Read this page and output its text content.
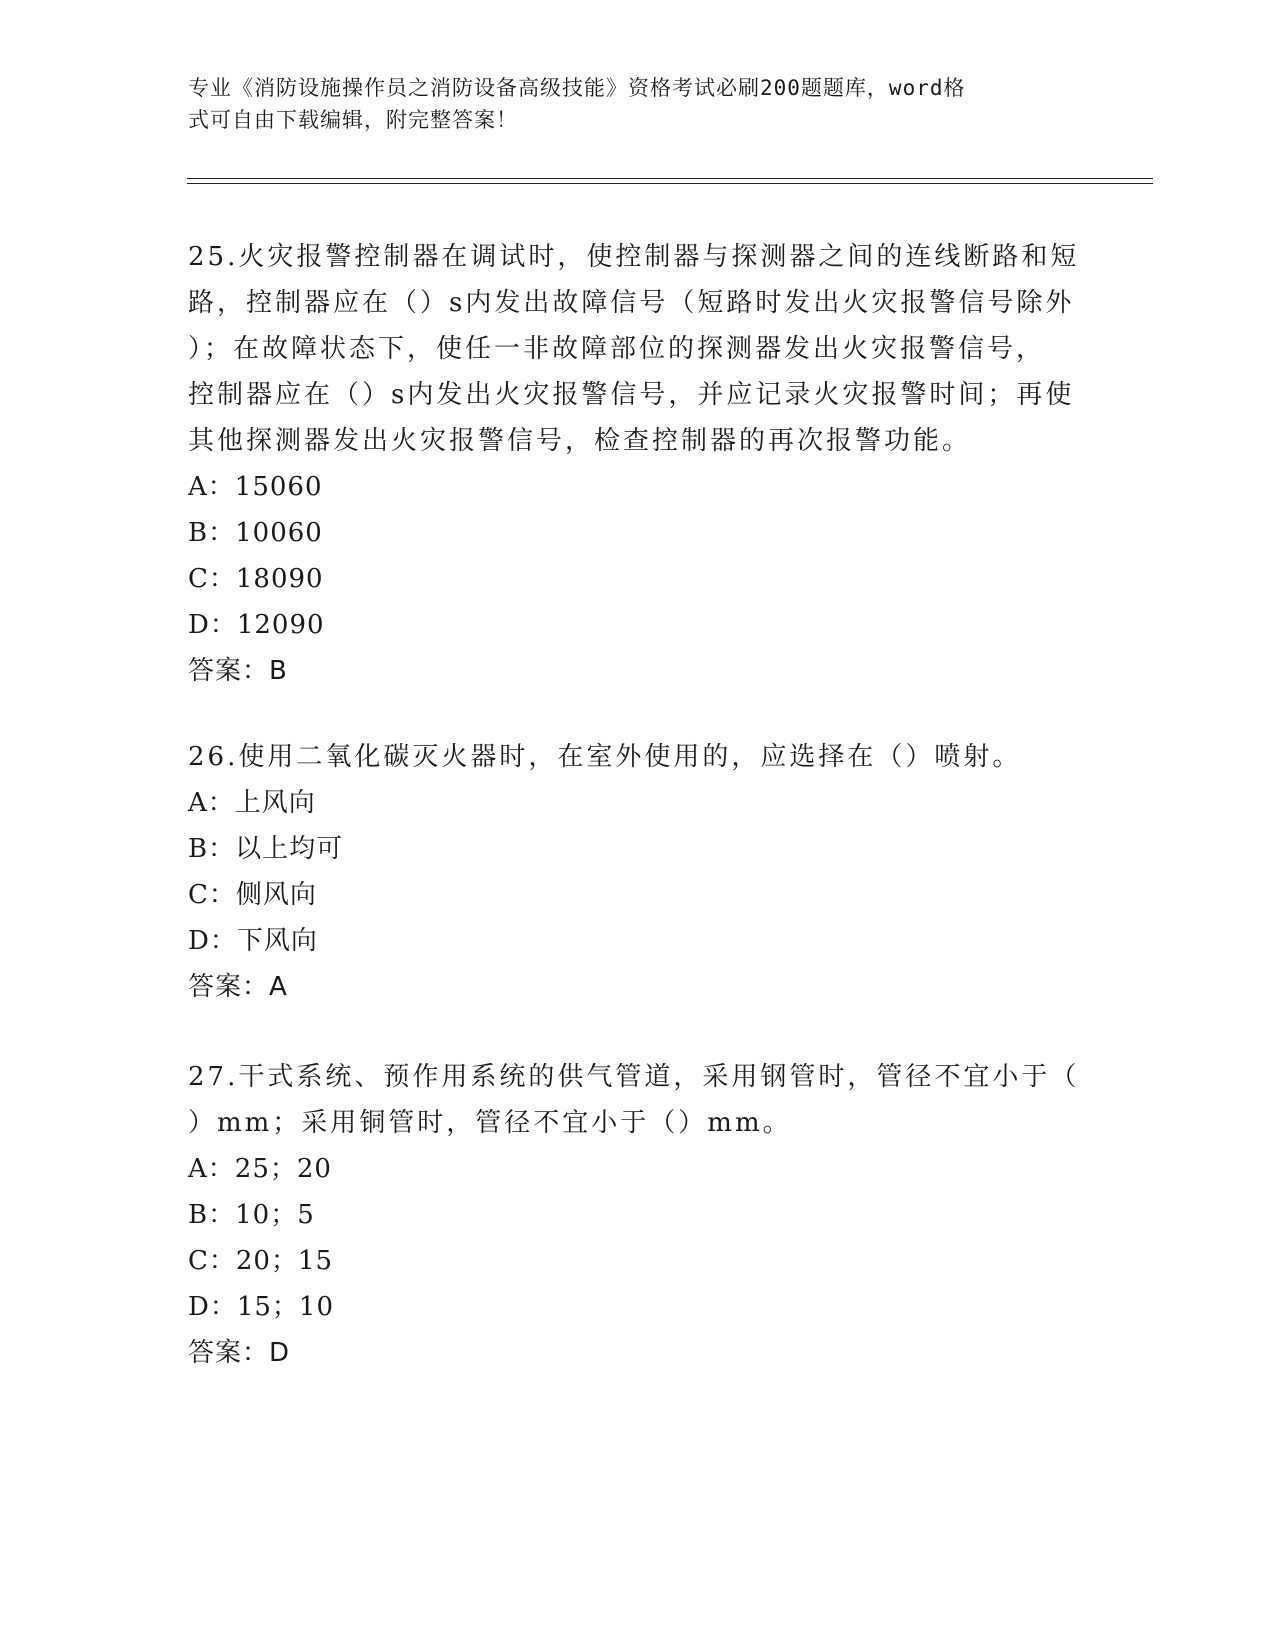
专业《消防设施操作员之消防设备高级技能》资格考试必刷200题题库，word格
式可自由下载编辑，附完整答案！

25.火灾报警控制器在调试时，使控制器与探测器之间的连线断路和短

路，控制器应在（）s内发出故障信号（短路时发出火灾报警信号除外

）；在故障状态下，使任一非故障部位的探测器发出火灾报警信号，

控制器应在（）s内发出火灾报警信号，并应记录火灾报警时间；再使

其他探测器发出火灾报警信号，检查控制器的再次报警功能。

A：15060

B：10060

C：18090

D：12090

答案：B

26.使用二氧化碳灭火器时，在室外使用的，应选择在（）喷射。

A：上风向

B：以上均可

C：侧风向

D：下风向

答案：A

27.干式系统、预作用系统的供气管道，采用钢管时，管径不宜小于（

）mm；采用铜管时，管径不宜小于（）mm。

A：25；20

B：10；5

C：20；15

D：15；10

答案：D
